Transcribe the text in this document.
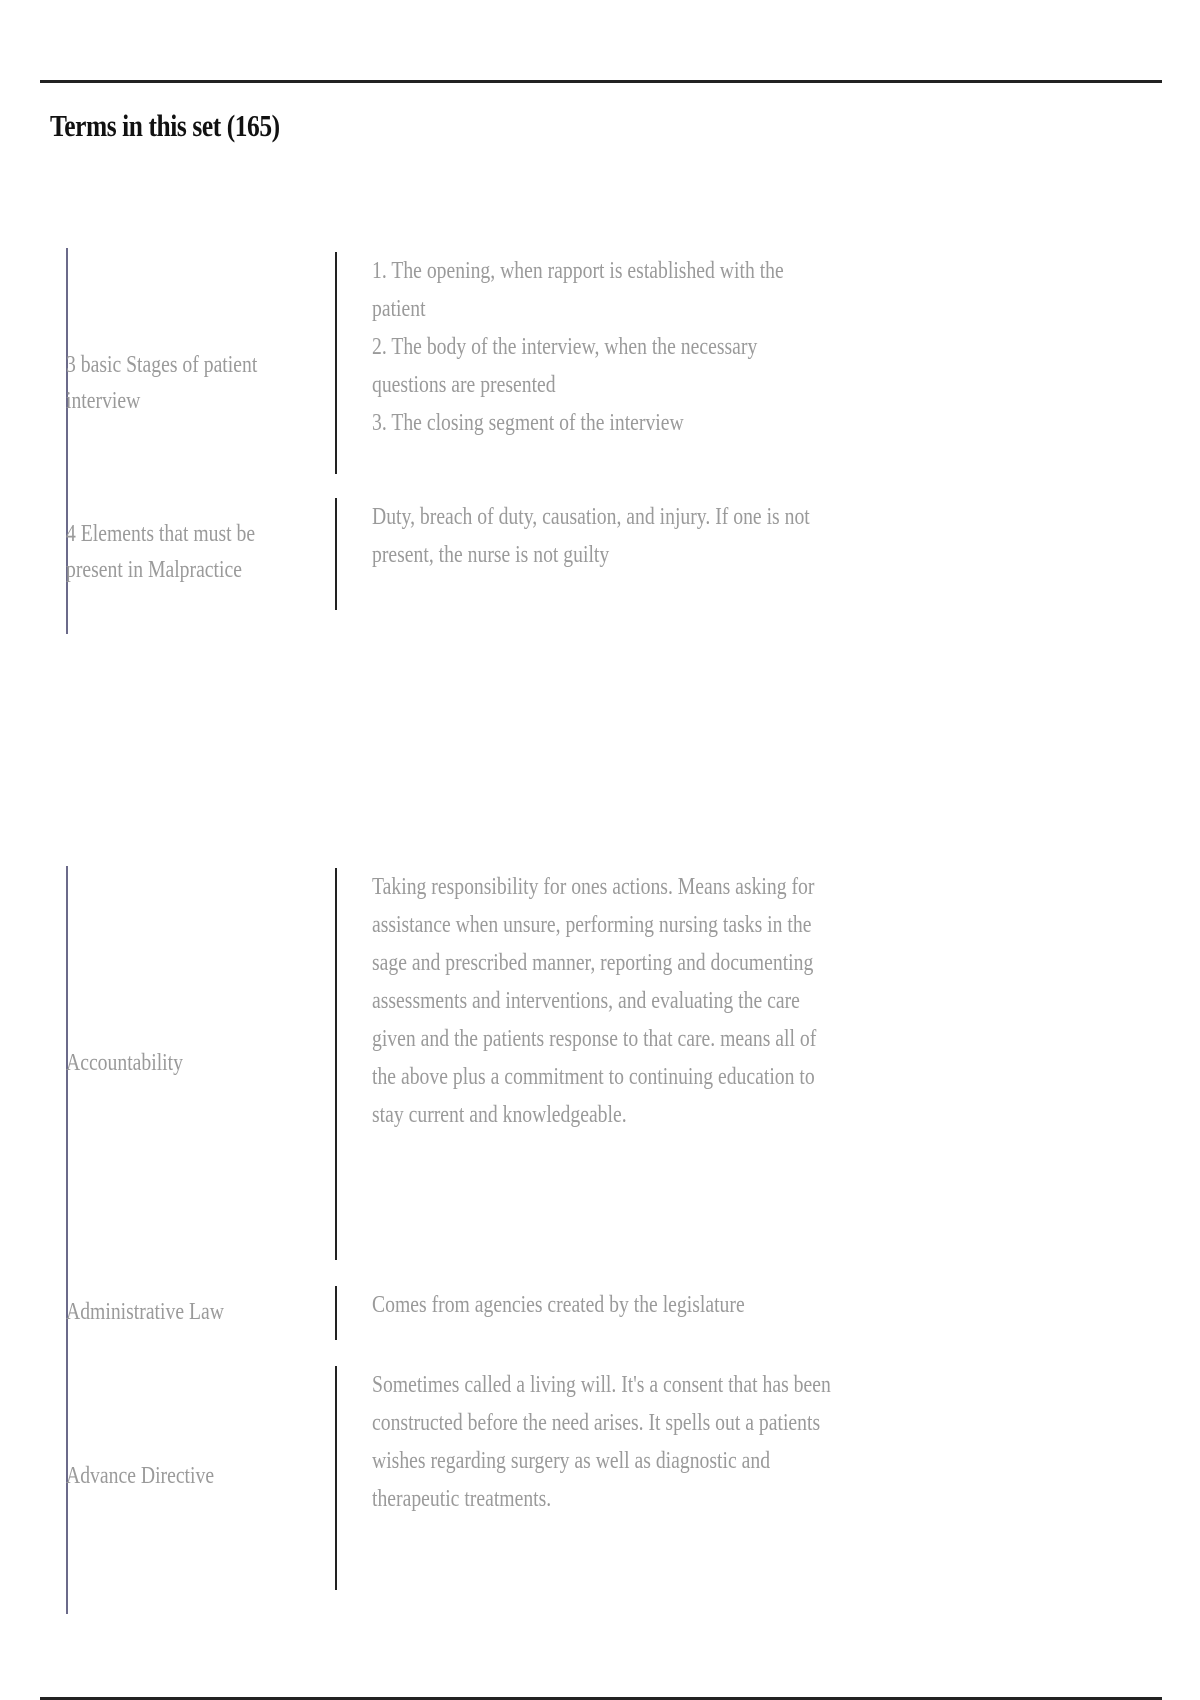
Terms in this set (165)
3 basic Stages of patient interview
1. The opening, when rapport is established with the patient
2. The body of the interview, when the necessary questions are presented
3. The closing segment of the interview
4 Elements that must be present in Malpractice
Duty, breach of duty, causation, and injury. If one is not present, the nurse is not guilty
Accountability
Taking responsibility for ones actions. Means asking for assistance when unsure, performing nursing tasks in the sage and prescribed manner, reporting and documenting assessments and interventions, and evaluating the care given and the patients response to that care. means all of the above plus a commitment to continuing education to stay current and knowledgeable.
Administrative Law	Comes from agencies created by the legislature
Advance Directive
Sometimes called a living will. It's a consent that has been constructed before the need arises. It spells out a patients wishes regarding surgery as well as diagnostic and therapeutic treatments.
